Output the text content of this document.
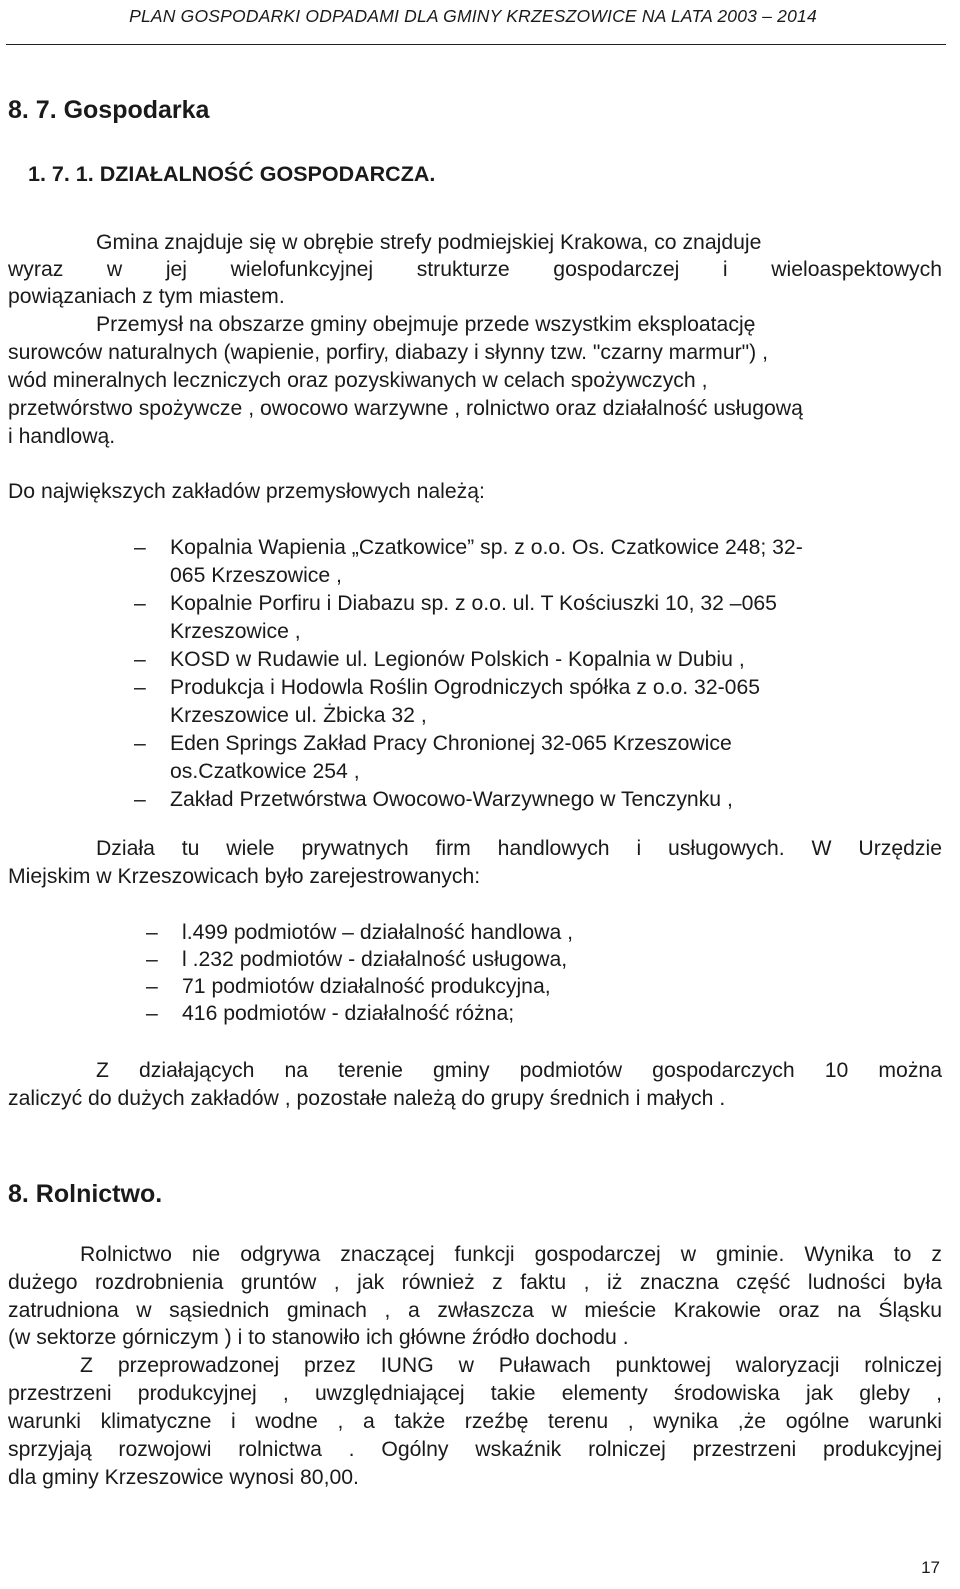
PLAN GOSPODARKI ODPADAMI DLA GMINY KRZESZOWICE NA LATA 2003 – 2014
8. 7. Gospodarka
1. 7. 1. DZIAŁALNOŚĆ GOSPODARCZA.
Gmina znajduje się w obrębie strefy podmiejskiej Krakowa, co znajduje
wyraz w jej wielofunkcyjnej strukturze gospodarczej i wieloaspektowych
powiązaniach z tym miastem.
Przemysł na obszarze gminy obejmuje przede wszystkim eksploatację
surowców naturalnych (wapienie, porfiry, diabazy i słynny tzw. "czarny marmur") ,
wód mineralnych leczniczych oraz pozyskiwanych w celach spożywczych ,
przetwórstwo spożywcze , owocowo warzywne , rolnictwo oraz działalność usługową
i handlową.
Do największych zakładów przemysłowych należą:
– Kopalnia Wapienia „Czatkowice” sp. z o.o. Os. Czatkowice 248; 32-
065 Krzeszowice ,
– Kopalnie Porfiru i Diabazu sp. z o.o. ul. T Kościuszki 10, 32 –065
Krzeszowice ,
– KOSD w Rudawie ul. Legionów Polskich - Kopalnia w Dubiu ,
– Produkcja i Hodowla Roślin Ogrodniczych spółka z o.o. 32-065
Krzeszowice ul. Żbicka 32 ,
– Eden Springs Zakład Pracy Chronionej 32-065 Krzeszowice
os.Czatkowice 254 ,
– Zakład Przetwórstwa Owocowo-Warzywnego w Tenczynku ,
Działa tu wiele prywatnych firm handlowych i usługowych. W Urzędzie
Miejskim w Krzeszowicach było zarejestrowanych:
– l.499 podmiotów – działalność handlowa ,
– l .232 podmiotów - działalność usługowa,
– 71 podmiotów działalność produkcyjna,
– 416 podmiotów - działalność różna;
Z działających na terenie gminy podmiotów gospodarczych 10 można
zaliczyć do dużych zakładów , pozostałe należą do grupy średnich i małych .
8. Rolnictwo.
Rolnictwo nie odgrywa znaczącej funkcji gospodarczej w gminie. Wynika to z
dużego rozdrobnienia gruntów , jak również z faktu , iż znaczna część ludności była
zatrudniona w sąsiednich gminach , a zwłaszcza w mieście Krakowie oraz na Śląsku
(w sektorze górniczym ) i to stanowiło ich główne źródło dochodu .
Z przeprowadzonej przez IUNG w Puławach punktowej waloryzacji rolniczej
przestrzeni produkcyjnej , uwzględniającej takie elementy środowiska jak gleby ,
warunki klimatyczne i wodne , a także rzeźbę terenu , wynika ,że ogólne warunki
sprzyjają rozwojowi rolnictwa . Ogólny wskaźnik rolniczej przestrzeni produkcyjnej
dla gminy Krzeszowice wynosi 80,00.
17
